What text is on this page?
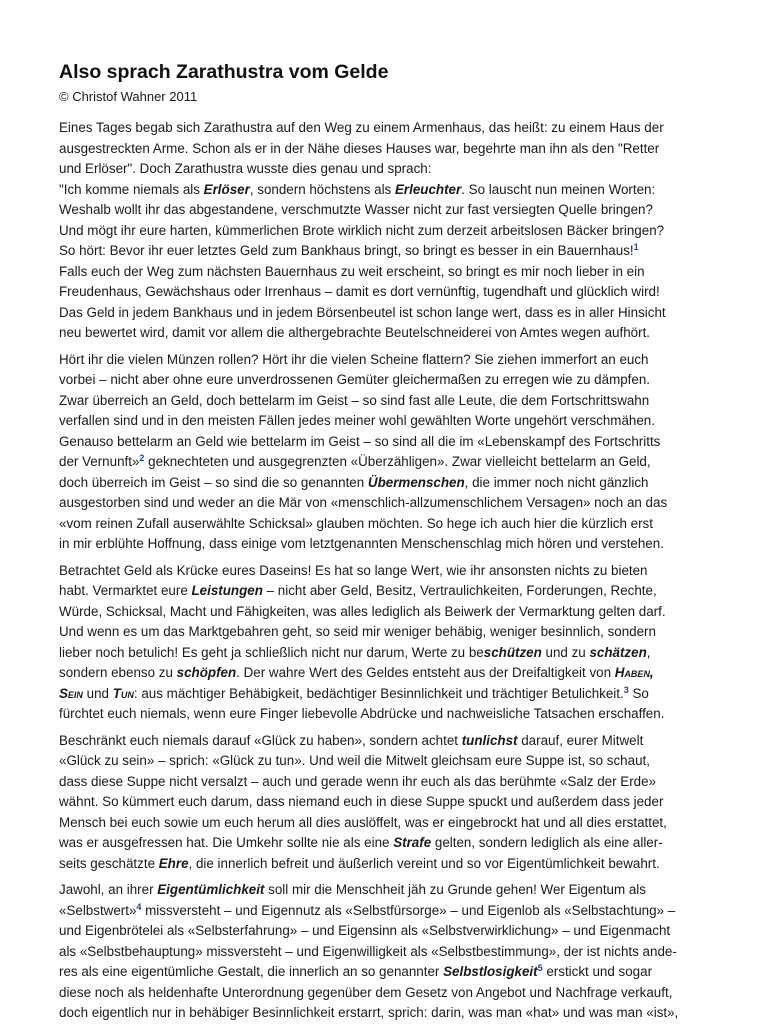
Also sprach Zarathustra vom Gelde
© Christof Wahner 2011
Eines Tages begab sich Zarathustra auf den Weg zu einem Armenhaus, das heißt: zu einem Haus der
ausgestreckten Arme. Schon als er in der Nähe dieses Hauses war, begehrte man ihn als den "Retter
und Erlöser". Doch Zarathustra wusste dies genau und sprach:
"Ich komme niemals als Erlöser, sondern höchstens als Erleuchter. So lauscht nun meinen Worten:
Weshalb wollt ihr das abgestandene, verschmutzte Wasser nicht zur fast versiegten Quelle bringen?
Und mögt ihr eure harten, kümmerlichen Brote wirklich nicht zum derzeit arbeitslosen Bäcker bringen?
So hört: Bevor ihr euer letztes Geld zum Bankhaus bringt, so bringt es besser in ein Bauernhaus!$^1$
Falls euch der Weg zum nächsten Bauernhaus zu weit erscheint, so bringt es mir noch lieber in ein
Freudenhaus, Gewächshaus oder Irrenhaus – damit es dort vernünftig, tugendhaft und glücklich wird!
Das Geld in jedem Bankhaus und in jedem Börsenbeutel ist schon lange wert, dass es in aller Hinsicht
neu bewertet wird, damit vor allem die althergebrachte Beutelschneiderei von Amtes wegen aufhört.
Hört ihr die vielen Münzen rollen? Hört ihr die vielen Scheine flattern? Sie ziehen immerfort an euch
vorbei – nicht aber ohne eure unverdrossenen Gemüter gleichermaßen zu erregen wie zu dämpfen.
Zwar überreich an Geld, doch bettelarm im Geist – so sind fast alle Leute, die dem Fortschrittswahn
verfallen sind und in den meisten Fällen jedes meiner wohl gewählten Worte ungehört verschmähen.
Genauso bettelarm an Geld wie bettelarm im Geist – so sind all die im «Lebenskampf des Fortschritts
der Vernunft»$^2$ geknechteten und ausgegrenzten «Überzähligen». Zwar vielleicht bettelarm an Geld,
doch überreich im Geist – so sind die so genannten Übermenschen, die immer noch nicht gänzlich
ausgestorben sind und weder an die Mär von «menschlich-allzumenschlichem Versagen» noch an das
«vom reinen Zufall auserwählte Schicksal» glauben möchten. So hege ich auch hier die kürzlich erst
in mir erblühte Hoffnung, dass einige vom letztgenannten Menschenschlag mich hören und verstehen.
Betrachtet Geld als Krücke eures Daseins! Es hat so lange Wert, wie ihr ansonsten nichts zu bieten
habt. Vermarktet eure Leistungen – nicht aber Geld, Besitz, Vertraulichkeiten, Forderungen, Rechte,
Würde, Schicksal, Macht und Fähigkeiten, was alles lediglich als Beiwerk der Vermarktung gelten darf.
Und wenn es um das Marktgebahren geht, so seid mir weniger behäbig, weniger besinnlich, sondern
lieber noch betulich! Es geht ja schließlich nicht nur darum, Werte zu beschützen und zu schätzen,
sondern ebenso zu schöpfen. Der wahre Wert des Geldes entsteht aus der Dreifaltigkeit von Haben,
Sein und Tun: aus mächtiger Behäbigkeit, bedächtiger Besinnlichkeit und trächtiger Betulichkeit.$^3$ So
fürchtet euch niemals, wenn eure Finger liebevolle Abdrücke und nachweisliche Tatsachen erschaffen.
Beschränkt euch niemals darauf «Glück zu haben», sondern achtet tunlichst darauf, eurer Mitwelt
«Glück zu sein» – sprich: «Glück zu tun». Und weil die Mitwelt gleichsam eure Suppe ist, so schaut,
dass diese Suppe nicht versalzt – auch und gerade wenn ihr euch als das berühmte «Salz der Erde»
wähnt. So kümmert euch darum, dass niemand euch in diese Suppe spuckt und außerdem dass jeder
Mensch bei euch sowie um euch herum all dies auslöffelt, was er eingebrockt hat und all dies erstattet,
was er ausgefressen hat. Die Umkehr sollte nie als eine Strafe gelten, sondern lediglich als eine aller-
seits geschätzte Ehre, die innerlich befreit und äußerlich vereint und so vor Eigentümlichkeit bewahrt.
Jawohl, an ihrer Eigentümlichkeit soll mir die Menschheit jäh zu Grunde gehen! Wer Eigentum als
«Selbstwert»$^4$ missversteht – und Eigennutz als «Selbstfürsorge» – und Eigenlob als «Selbstachtung» –
und Eigenbrötelei als «Selbsterfahrung» – und Eigensinn als «Selbstverwirklichung» – und Eigenmacht
als «Selbstbehauptung» missversteht – und Eigenwilligkeit als «Selbstbestimmung», der ist nichts ande-
res als eine eigentümliche Gestalt, die innerlich an so genannter Selbstlosigkeit$^5$ erstickt und sogar
diese noch als heldenhafte Unterordnung gegenüber dem Gesetz von Angebot und Nachfrage verkauft,
doch eigentlich nur in behäbiger Besinnlichkeit erstarrt, sprich: darin, was man «hat» und was man «ist»,
